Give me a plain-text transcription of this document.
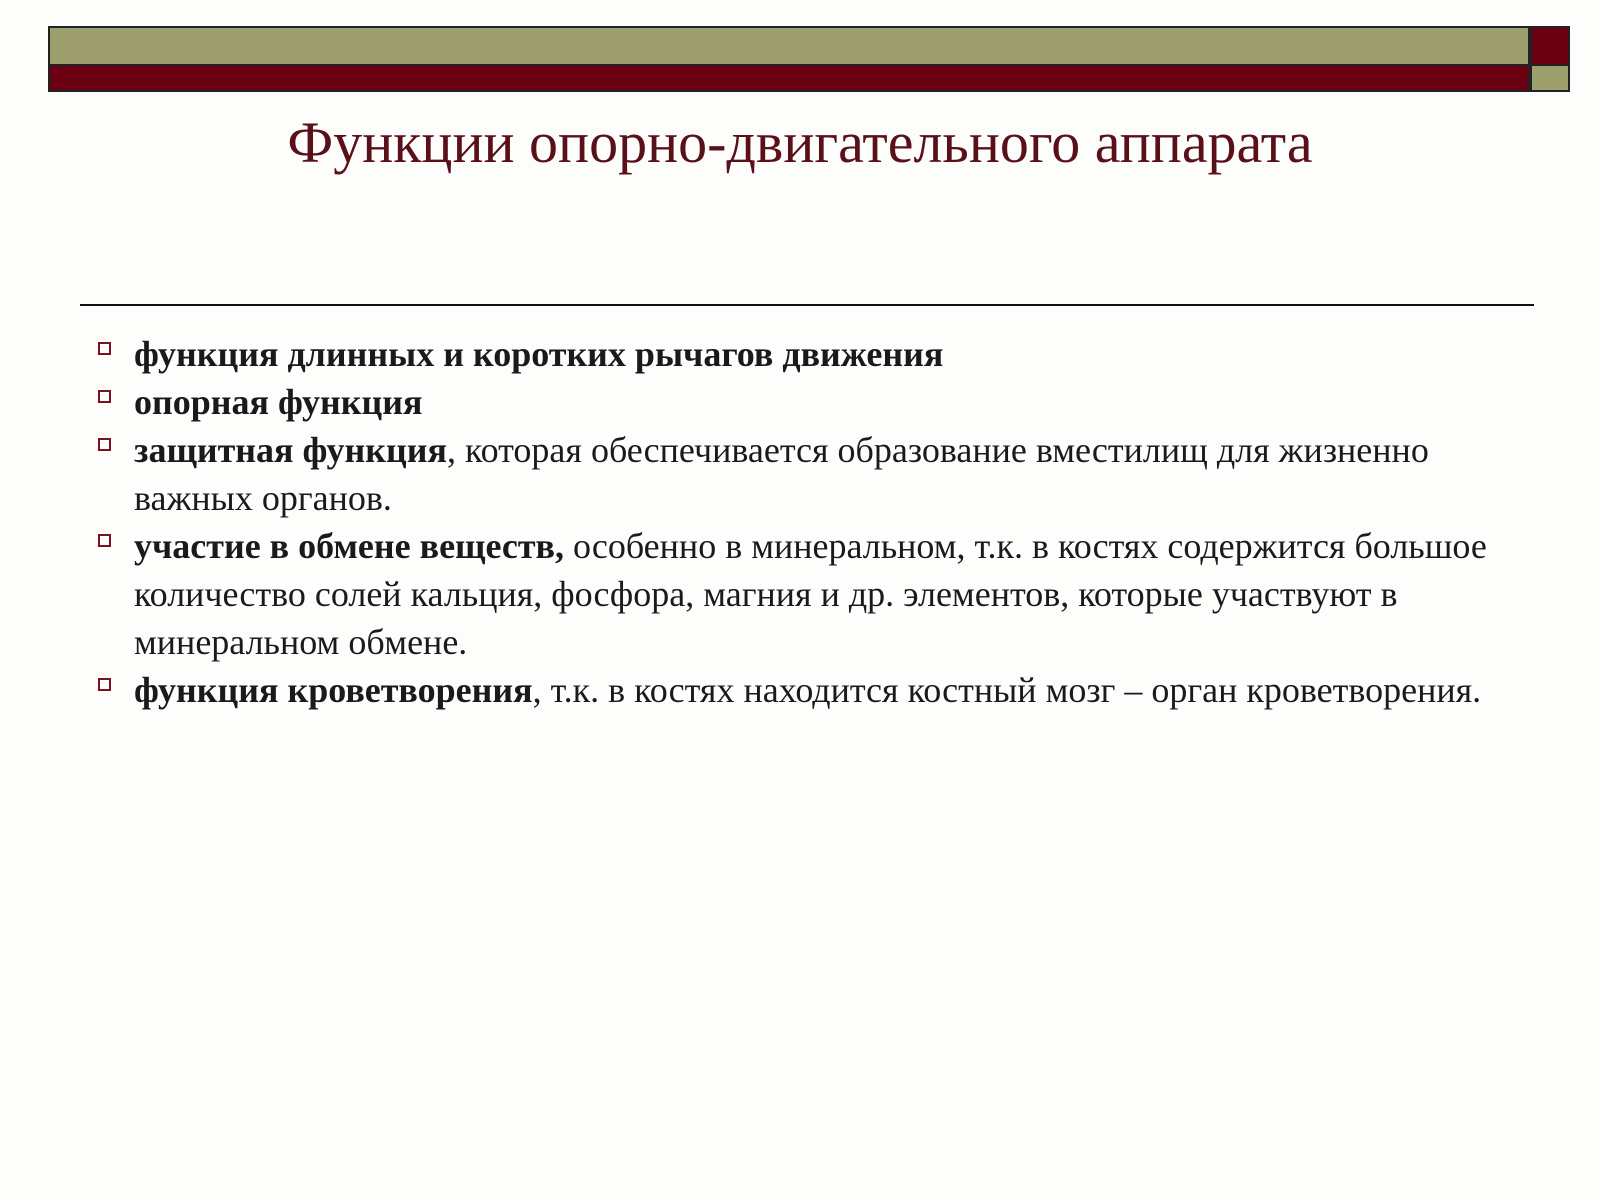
Функции опорно-двигательного аппарата
функция длинных и коротких рычагов движения
опорная функция
защитная функция, которая обеспечивается образование вместилищ для жизненно важных органов.
участие в обмене веществ, особенно в минеральном, т.к. в костях содержится большое количество солей кальция, фосфора, магния и др. элементов, которые участвуют в минеральном обмене.
функция кроветворения, т.к. в костях находится костный мозг – орган кроветворения.
